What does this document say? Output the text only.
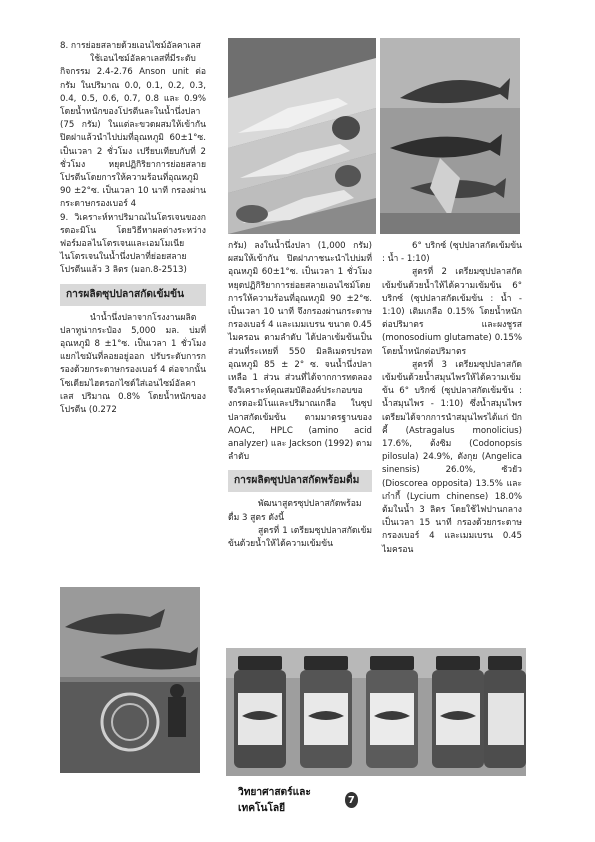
8. การย่อยสลายด้วยเอนไซม์อัลคาเลส

ใช้เอนไซม์อัลคาเลสที่มีระดับกิจกรรม 2.4-2.76 Anson unit ต่อกรัม ในปริมาณ 0.0, 0.1, 0.2, 0.3, 0.4, 0.5, 0.6, 0.7, 0.8 และ 0.9% โดยน้ำหนักของโปรตีนละในน้ำนึ่งปลา (75 กรัม) ในแต่ละขวดผสมให้เข้ากัน ปิดฝาแล้วนำไปบ่มที่อุณหภูมิ 60±1°ซ. เป็นเวลา 2 ชั่วโมง เปรียบเทียบกับที่ 2 ชั่วโมง หยุดปฏิกิริยาการย่อยสลายโปรตีนโดยการให้ความร้อนที่อุณหภูมิ 90 ±2°ซ. เป็นเวลา 10 นาที กรองผ่านกระดาษกรองเบอร์ 4

9. วิเคราะห์หาปริมาณไนโตรเจนของกรดอะมิโน โดยวิธีหาผลต่างระหว่างฟอร์มอลไนโตรเจนและเอมโมเนียไนโตรเจนในน้ำนึ่งปลาที่ย่อยสลายโปรตีนแล้ว 3 ลิตร (มอก.8-2513)

การผลิตซุปปลาสกัดเข้มข้น

นำน้ำนึ่งปลาจากโรงงานผลิตปลาทูน่ากระป๋อง 5,000 มล. บ่มที่อุณหภูมิ 8 ±1°ซ. เป็นเวลา 1 ชั่วโมง แยกไขมันที่ลอยอยู่ออก ปรับระดับการกรองด้วยกระดาษกรองเบอร์ 4 ต่อจากนั้นโซเดียมไฮดรอกไซด์ใส่เอนไซม์อัลคาเลส ปริมาณ 0.8% โดยน้ำหนักของโปรตีน (0.272

กรัม) ลงในน้ำนึ่งปลา (1,000 กรัม) ผสมให้เข้ากัน ปิดฝาภาชนะนำไปบ่มที่อุณหภูมิ 60±1°ซ. เป็นเวลา 1 ชั่วโมง หยุดปฏิกิริยาการย่อยสลายเอนไซม์โดยการให้ความร้อนที่อุณหภูมิ 90 ±2°ซ. เป็นเวลา 10 นาที จึงกรองผ่านกระดาษกรองเบอร์ 4 และเมมเบรน ขนาด 0.45 ไมครอน ตามลำดับ ได้ปลาเข้มข้นเป็นส่วนที่ระเหยที่ 550 มิลลิเมตรปรอท อุณหภูมิ 85 ± 2° ซ. จนน้ำนึ่งปลาเหลือ 1 ส่วน ส่วนที่ได้จากการทดลองจึงวิเคราะห์คุณสมบัติองค์ประกอบของกรดอะมิโนและปริมาณเกลือ ในซุปปลาสกัดเข้มข้น ตามมาตรฐานของ AOAC, HPLC (amino acid analyzer) และ Jackson (1992) ตามลำดับ

การผลิตซุปปลาสกัดพร้อมดื่ม

พัฒนาสูตรซุปปลาสกัดพร้อมดื่ม 3 สูตร ดังนี้

สูตรที่ 1 เตรียมซุปปลาสกัดเข้มข้นด้วยน้ำให้ได้ความเข้มข้น

6° บริกซ์ (ซุปปลาสกัดเข้มข้น : น้ำ - 1:10)

สูตรที่ 2 เตรียมซุปปลาสกัดเข้มข้นด้วยน้ำให้ได้ความเข้มข้น 6° บริกซ์ (ซุปปลาสกัดเข้มข้น : น้ำ - 1:10) เติมเกลือ 0.15% โดยน้ำหนักต่อปริมาตร และผงชูรส (monosodium glutamate) 0.15% โดยน้ำหนักต่อปริมาตร

สูตรที่ 3 เตรียมซุปปลาสกัดเข้มข้นด้วยน้ำสมุนไพรให้ได้ความเข้มข้น 6° บริกซ์ (ซุปปลาสกัดเข้มข้น : น้ำสมุนไพร - 1:10) ซึ่งน้ำสมุนไพรเตรียมได้จากการนำสมุนไพรได้แก่ ปักคี้ (Astragalus monolicius) 17.6%, ต้งซิม (Codonopsis pilosula) 24.9%, ตังกุย (Angelica sinensis) 26.0%, ซัวยัว (Dioscorea opposita) 13.5% และเก๋ากี้ (Lycium chinense) 18.0% ต้มในน้ำ 3 ลิตร โดยใช้ไฟปานกลาง เป็นเวลา 15 นาที กรองด้วยกระดาษกรองเบอร์ 4 และเมมเบรน 0.45 ไมครอน

วิทยาศาสตร์และเทคโนโลยี
7
